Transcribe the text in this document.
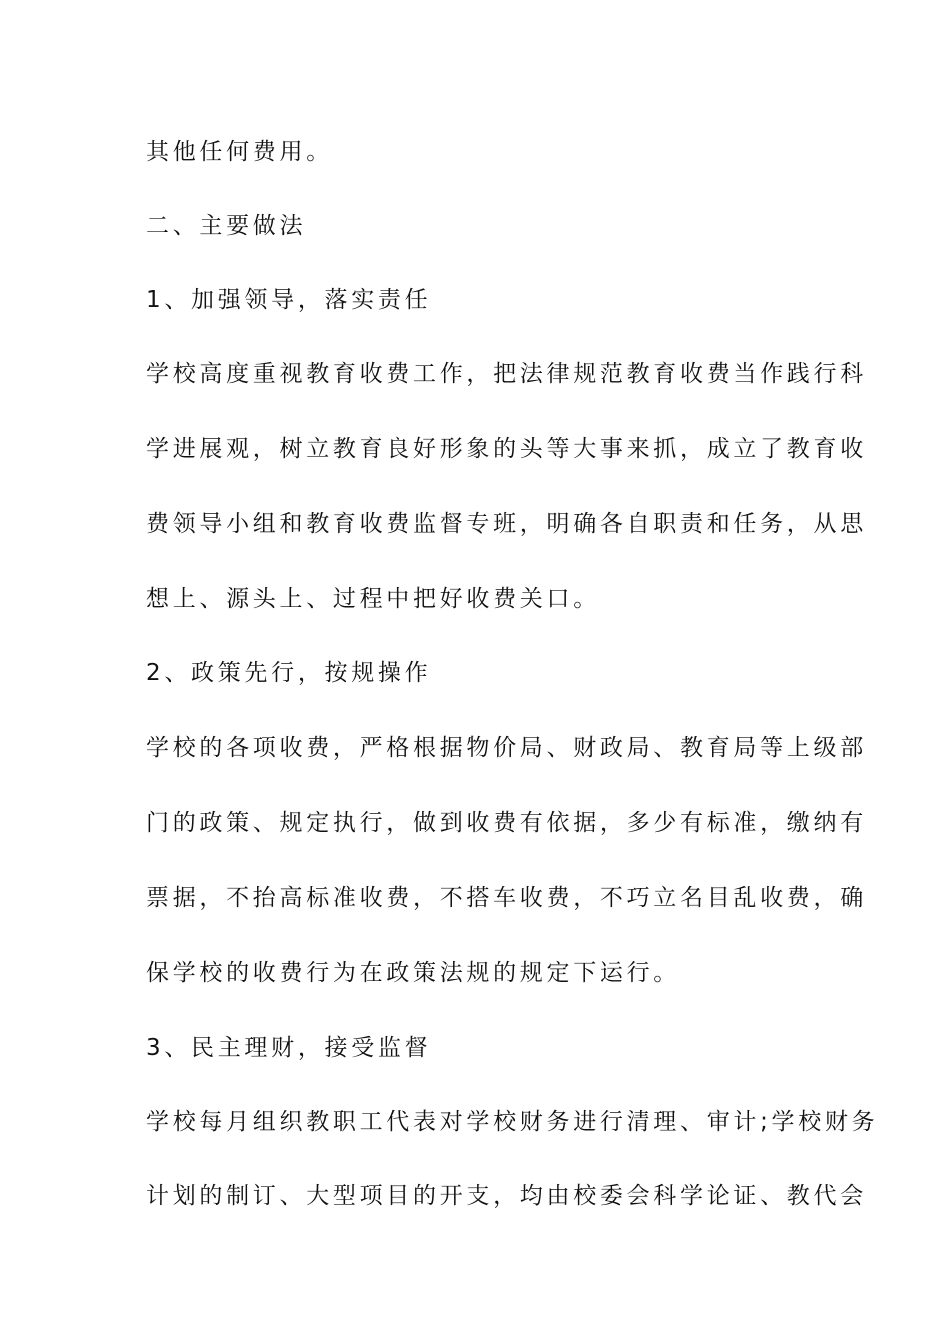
其他任何费用。

二、主要做法

1、加强领导，落实责任

学校高度重视教育收费工作，把法律规范教育收费当作践行科

学进展观，树立教育良好形象的头等大事来抓，成立了教育收

费领导小组和教育收费监督专班，明确各自职责和任务，从思

想上、源头上、过程中把好收费关口。

2、政策先行，按规操作

学校的各项收费，严格根据物价局、财政局、教育局等上级部

门的政策、规定执行，做到收费有依据，多少有标准，缴纳有

票据，不抬高标准收费，不搭车收费，不巧立名目乱收费，确

保学校的收费行为在政策法规的规定下运行。

3、民主理财，接受监督

学校每月组织教职工代表对学校财务进行清理、审计;学校财务

计划的制订、大型项目的开支，均由校委会科学论证、教代会
